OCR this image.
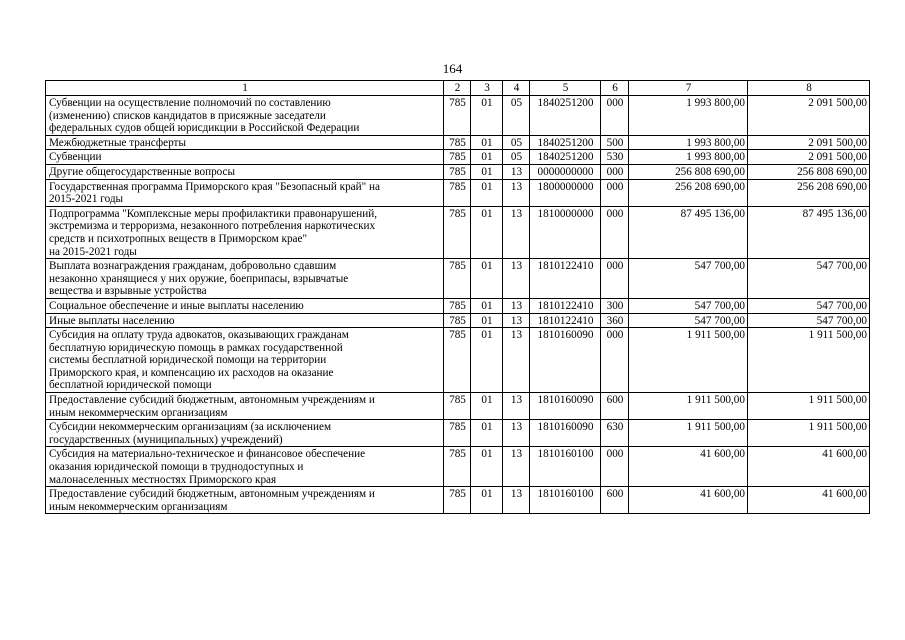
164
1	2	3	4	5	6	7	8
Субвенции на осуществление полномочий по составлению
(изменению) списков кандидатов в присяжные заседатели
федеральных судов общей юрисдикции в Российской Федерации	785	01	05	1840251200	000	1 993 800,00	2 091 500,00
Межбюджетные трансферты	785	01	05	1840251200	500	1 993 800,00	2 091 500,00
Субвенции	785	01	05	1840251200	530	1 993 800,00	2 091 500,00
Другие общегосударственные вопросы	785	01	13	0000000000	000	256 808 690,00	256 808 690,00
Государственная программа Приморского края "Безопасный край" на
2015-2021 годы	785	01	13	1800000000	000	256 208 690,00	256 208 690,00
Подпрограмма "Комплексные меры профилактики правонарушений,
экстремизма и терроризма, незаконного потребления наркотических
средств и психотропных веществ в Приморском крае"
на 2015-2021 годы	785	01	13	1810000000	000	87 495 136,00	87 495 136,00
Выплата вознаграждения гражданам, добровольно сдавшим
незаконно хранящиеся у них оружие, боеприпасы, взрывчатые
вещества и взрывные устройства	785	01	13	1810122410	000	547 700,00	547 700,00
Социальное обеспечение и иные выплаты населению	785	01	13	1810122410	300	547 700,00	547 700,00
Иные выплаты населению	785	01	13	1810122410	360	547 700,00	547 700,00
Субсидия на оплату труда адвокатов, оказывающих гражданам
бесплатную юридическую помощь в рамках государственной
системы бесплатной юридической помощи на территории
Приморского края, и компенсацию их расходов на оказание
бесплатной юридической помощи	785	01	13	1810160090	000	1 911 500,00	1 911 500,00
Предоставление субсидий бюджетным, автономным учреждениям и
иным некоммерческим организациям	785	01	13	1810160090	600	1 911 500,00	1 911 500,00
Субсидии некоммерческим организациям (за исключением
государственных (муниципальных) учреждений)	785	01	13	1810160090	630	1 911 500,00	1 911 500,00
Субсидия на материально-техническое и финансовое обеспечение
оказания юридической помощи в труднодоступных и
малонаселенных местностях Приморского края	785	01	13	1810160100	000	41 600,00	41 600,00
Предоставление субсидий бюджетным, автономным учреждениям и
иным некоммерческим организациям	785	01	13	1810160100	600	41 600,00	41 600,00
